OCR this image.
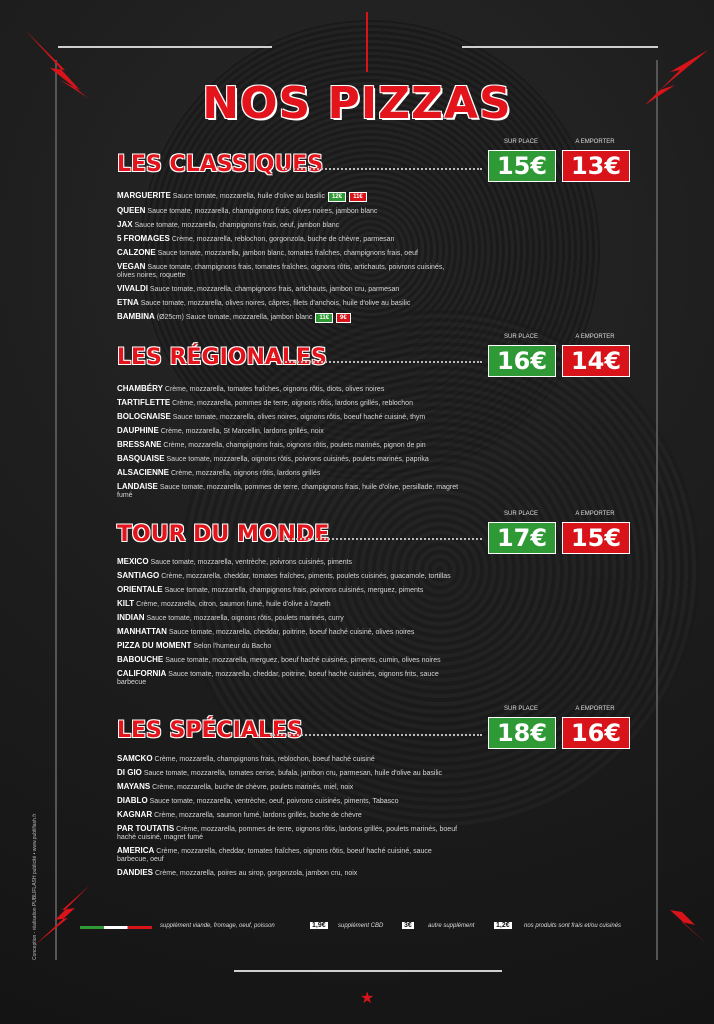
NOS PIZZAS
LES CLASSIQUES
SUR PLACE	A EMPORTER
15€ 13€
MARGUERITE Sauce tomate, mozzarella, huile d'olive au basilic 12€ 11€
QUEEN Sauce tomate, mozzarella, champignons frais, olives noires, jambon blanc
JAX Sauce tomate, mozzarella, champignons frais, oeuf, jambon blanc
5 FROMAGES Crème, mozzarella, reblochon, gorgonzola, buche de chèvre, parmesan
CALZONE Sauce tomate, mozzarella, jambon blanc, tomates fraîches, champignons frais, oeuf
VEGAN Sauce tomate, champignons frais, tomates fraîches, oignons rôtis, artichauts, poivrons cuisinés, olives noires, roquette
VIVALDI Sauce tomate, mozzarella, champignons frais, artichauts, jambon cru, parmesan
ETNA Sauce tomate, mozzarella, olives noires, câpres, filets d'anchois, huile d'olive au basilic
BAMBINA (Ø25cm) Sauce tomate, mozzarella, jambon blanc 11€ 9€
LES RÉGIONALES
SUR PLACE	A EMPORTER
16€ 14€
CHAMBÉRY Crème, mozzarella, tomates fraîches, oignons rôtis, diots, olives noires
TARTIFLETTE Crème, mozzarella, pommes de terre, oignons rôtis, lardons grillés, reblochon
BOLOGNAISE Sauce tomate, mozzarella, olives noires, oignons rôtis, boeuf haché cuisiné, thym
DAUPHINE Crème, mozzarella, St Marcellin, lardons grillés, noix
BRESSANE Crème, mozzarella, champignons frais, oignons rôtis, poulets marinés, pignon de pin
BASQUAISE Sauce tomate, mozzarella, oignons rôtis, poivrons cuisinés, poulets marinés, paprika
ALSACIENNE Crème, mozzarella, oignons rôtis, lardons grillés
LANDAISE Sauce tomate, mozzarella, pommes de terre, champignons frais, huile d'olive, persillade, magret fumé
TOUR DU MONDE
SUR PLACE	A EMPORTER
17€ 15€
MEXICO Sauce tomate, mozzarella, ventrèche, poivrons cuisinés, piments
SANTIAGO Crème, mozzarella, cheddar, tomates fraîches, piments, poulets cuisinés, guacamole, tortillas
ORIENTALE Sauce tomate, mozzarella, champignons frais, poivrons cuisinés, merguez, piments
KILT Crème, mozzarella, citron, saumon fumé, huile d'olive à l'aneth
INDIAN Sauce tomate, mozzarella, oignons rôtis, poulets marinés, curry
MANHATTAN Sauce tomate, mozzarella, cheddar, poitrine, boeuf haché cuisiné, olives noires
PIZZA DU MOMENT Selon l'humeur du Bacho
BABOUCHE Sauce tomate, mozzarella, merguez, boeuf haché cuisinés, piments, cumin, olives noires
CALIFORNIA Sauce tomate, mozzarella, cheddar, poitrine, boeuf haché cuisinés, oignons frits, sauce barbecue
LES SPÉCIALES
SUR PLACE	A EMPORTER
18€ 16€
SAMCKO Crème, mozzarella, champignons frais, reblochon, boeuf haché cuisiné
DI GIO Sauce tomate, mozzarella, tomates cerise, bufala, jambon cru, parmesan, huile d'olive au basilic
MAYANS Crème, mozzarella, buche de chèvre, poulets marinés, miel, noix
DIABLO Sauce tomate, mozzarella, ventrèche, oeuf, poivrons cuisinés, piments, Tabasco
KAGNAR Crème, mozzarella, saumon fumé, lardons grillés, buche de chèvre
PAR TOUTATIS Crème, mozzarella, pommes de terre, oignons rôtis, lardons grillés, poulets marinés, boeuf haché cuisiné, magret fumé
AMERICA Crème, mozzarella, cheddar, tomates fraîches, oignons rôtis, boeuf haché cuisiné, sauce barbecue, oeuf
DANDIES Crème, mozzarella, poires au sirop, gorgonzola, jambon cru, noix
supplément viande, fromage, oeuf, poisson	1,9€	supplément CBD	3€	autre supplément	1,2€	nos produits sont frais et/ou cuisinés
Conception - réalisation PUBLIFLASH publicité • www.publiflash.fr
★
